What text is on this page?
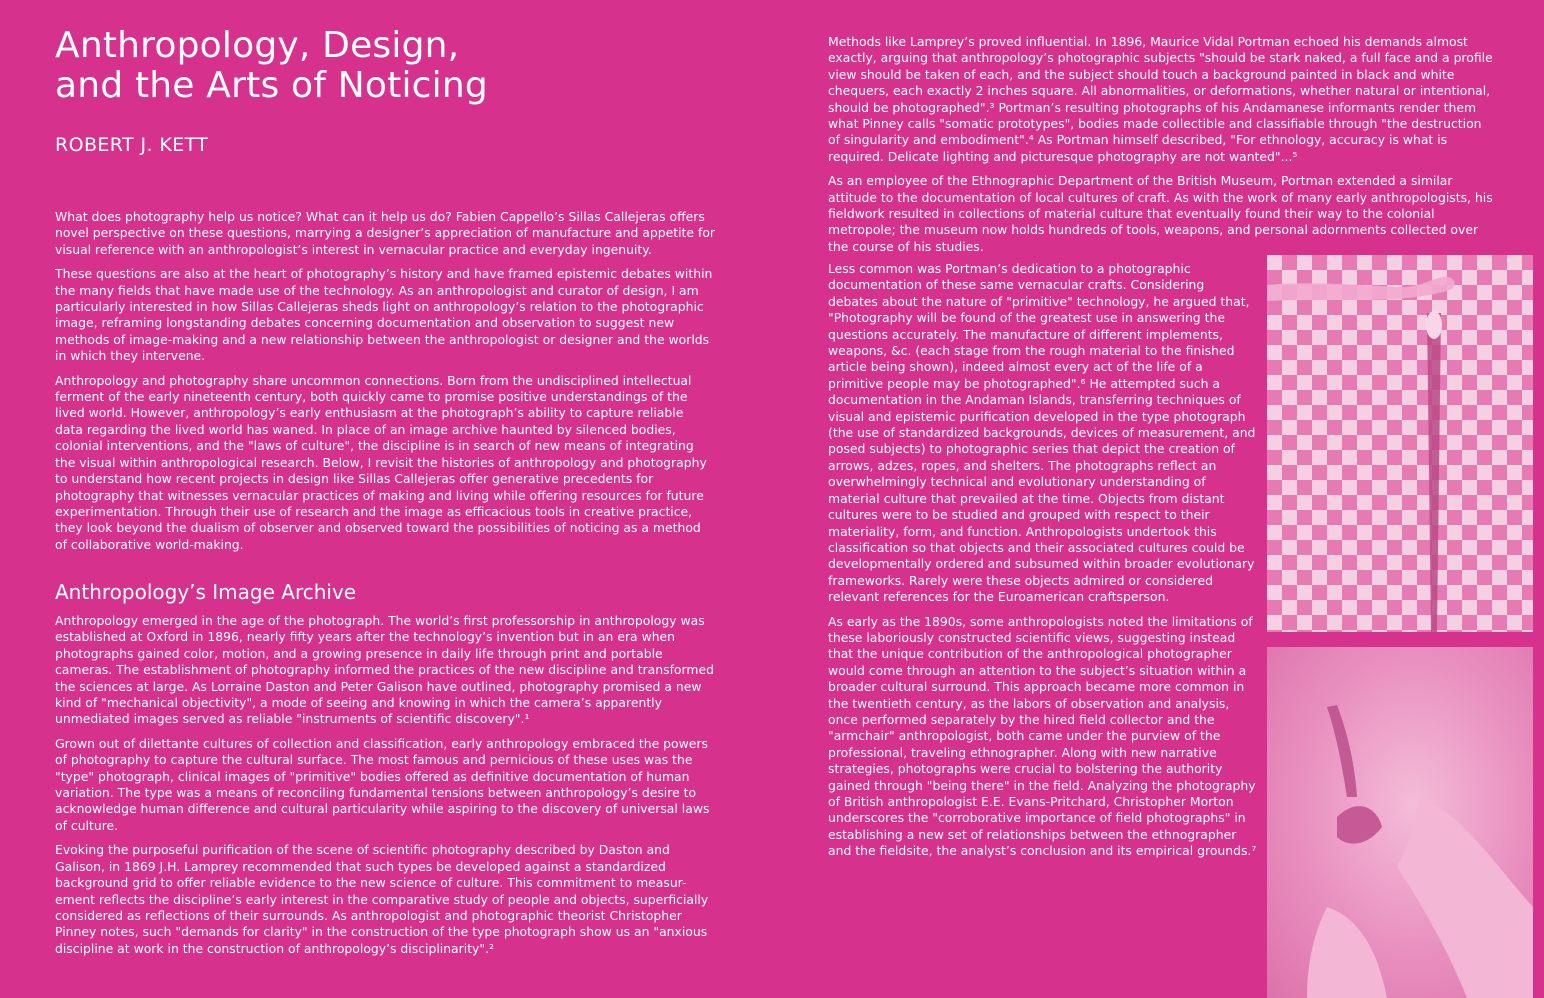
Anthropology, Design,
and the Arts of Noticing
ROBERT J. KETT

What does photography help us notice? What can it help us do? Fabien Cappello’s Sillas Callejeras offers novel perspective on these questions, marrying a designer’s appreciation of manufacture and appetite for visual reference with an anthropologist’s interest in vernacular practice and everyday ingenuity.

These questions are also at the heart of photography’s history and have framed epistemic debates within the many fields that have made use of the technology. As an anthropologist and curator of design, I am particularly interested in how Sillas Callejeras sheds light on anthropology’s relation to the photographic image, reframing longstanding debates concerning documentation and observation to suggest new methods of image-making and a new relationship between the anthropologist or designer and the worlds in which they intervene.

Anthropology and photography share uncommon connections. Born from the undisciplined intellectual ferment of the early nineteenth century, both quickly came to promise positive understandings of the lived world. However, anthropology’s early enthusiasm at the photograph’s ability to capture reliable data regarding the lived world has waned. In place of an image archive haunted by silenced bodies, colonial interventions, and the "laws of culture", the discipline is in search of new means of integrating the visual within anthropological research. Below, I revisit the histories of anthropology and photography to understand how recent projects in design like Sillas Callejeras offer generative precedents for photography that witnesses vernacular practices of making and living while offering resources for future experimentation. Through their use of research and the image as efficacious tools in creative practice, they look beyond the dualism of observer and observed toward the possibilities of noticing as a method of collaborative world-making.

Anthropology’s Image Archive

Anthropology emerged in the age of the photograph. The world’s first professorship in anthropology was established at Oxford in 1896, nearly fifty years after the technology’s invention but in an era when photographs gained color, motion, and a growing presence in daily life through print and portable cameras. The establishment of photography informed the practices of the new discipline and transformed the sciences at large. As Lorraine Daston and Peter Galison have outlined, photography promised a new kind of "mechanical objectivity", a mode of seeing and knowing in which the camera’s apparently unmediated images served as reliable "instruments of scientific discovery".¹

Grown out of dilettante cultures of collection and classification, early anthropology embraced the powers of photography to capture the cultural surface. The most famous and pernicious of these uses was the "type" photograph, clinical images of "primitive" bodies offered as definitive documentation of human variation. The type was a means of reconciling fundamental tensions between anthropology’s desire to acknowledge human difference and cultural particularity while aspiring to the discovery of universal laws of culture.

Evoking the purposeful purification of the scene of scientific photography described by Daston and Galison, in 1869 J.H. Lamprey recommended that such types be developed against a standardized background grid to offer reliable evidence to the new science of culture. This commitment to measur-ement reflects the discipline’s early interest in the comparative study of people and objects, superficially considered as reflections of their surrounds. As anthropologist and photographic theorist Christopher Pinney notes, such "demands for clarity" in the construction of the type photograph show us an "anxious discipline at work in the construction of anthropology’s disciplinarity".²

Methods like Lamprey’s proved influential. In 1896, Maurice Vidal Portman echoed his demands almost exactly, arguing that anthropology’s photographic subjects "should be stark naked, a full face and a profile view should be taken of each, and the subject should touch a background painted in black and white chequers, each exactly 2 inches square. All abnormalities, or deformations, whether natural or intentional, should be photographed".³ Portman’s resulting photographs of his Andamanese informants render them what Pinney calls "somatic prototypes", bodies made collectible and classifiable through "the destruction of singularity and embodiment".⁴ As Portman himself described, "For ethnology, accuracy is what is required. Delicate lighting and picturesque photography are not wanted"...⁵

As an employee of the Ethnographic Department of the British Museum, Portman extended a similar attitude to the documentation of local cultures of craft. As with the work of many early anthropologists, his fieldwork resulted in collections of material culture that eventually found their way to the colonial metropole; the museum now holds hundreds of tools, weapons, and personal adornments collected over the course of his studies.

Less common was Portman’s dedication to a photographic documentation of these same vernacular crafts. Considering debates about the nature of "primitive" technology, he argued that, "Photography will be found of the greatest use in answering the questions accurately. The manufacture of different implements, weapons, &c. (each stage from the rough material to the finished article being shown), indeed almost every act of the life of a primitive people may be photographed".⁶ He attempted such a documentation in the Andaman Islands, transferring techniques of visual and epistemic purification developed in the type photograph (the use of standardized backgrounds, devices of measurement, and posed subjects) to photographic series that depict the creation of arrows, adzes, ropes, and shelters. The photographs reflect an overwhelmingly technical and evolutionary understanding of material culture that prevailed at the time. Objects from distant cultures were to be studied and grouped with respect to their materiality, form, and function. Anthropologists undertook this classification so that objects and their associated cultures could be developmentally ordered and subsumed within broader evolutionary frameworks. Rarely were these objects admired or considered relevant references for the Euroamerican craftsperson.

As early as the 1890s, some anthropologists noted the limitations of these laboriously constructed scientific views, suggesting instead that the unique contribution of the anthropological photographer would come through an attention to the subject’s situation within a broader cultural surround. This approach became more common in the twentieth century, as the labors of observation and analysis, once performed separately by the hired field collector and the "armchair" anthropologist, both came under the purview of the professional, traveling ethnographer. Along with new narrative strategies, photographs were crucial to bolstering the authority gained through "being there" in the field. Analyzing the photography of British anthropologist E.E. Evans-Pritchard, Christopher Morton underscores the "corroborative importance of field photographs" in establishing a new set of relationships between the ethnographer and the fieldsite, the analyst’s conclusion and its empirical grounds.⁷
